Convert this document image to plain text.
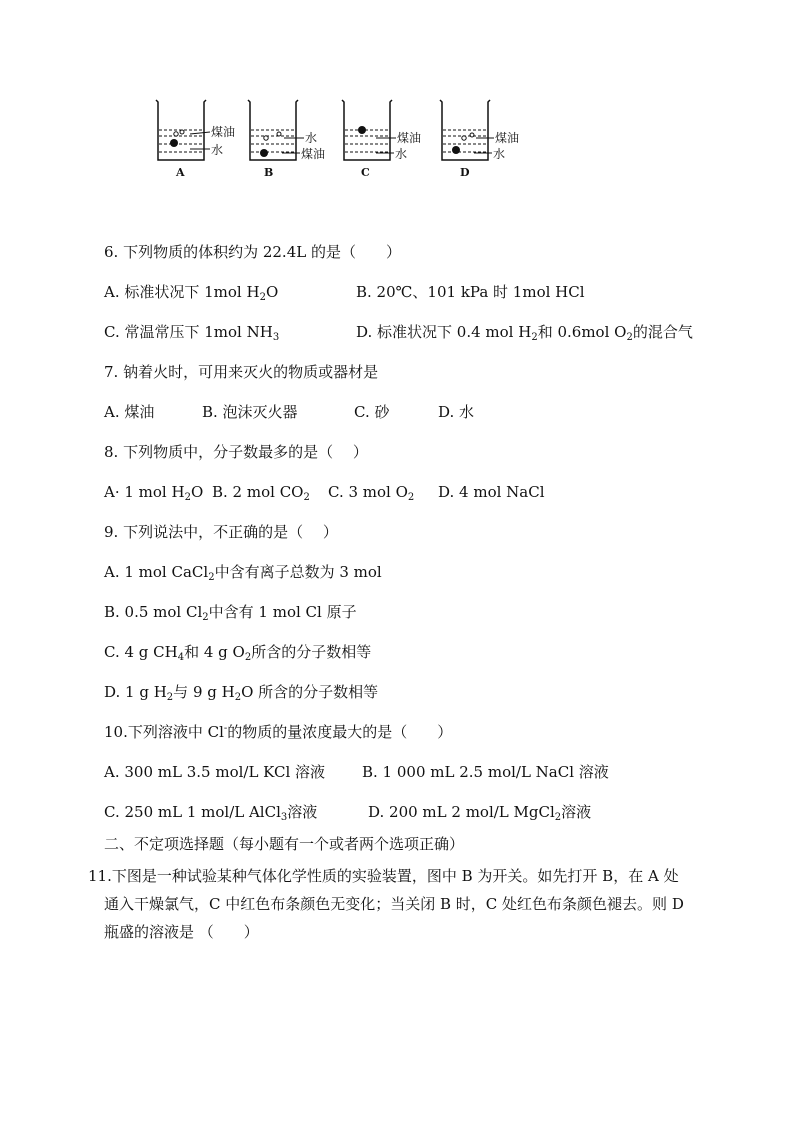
煤油
水
A
水
煤油
B
煤油
水
C
煤油
水
D
6. 下列物质的体积约为 22.4L 的是（　　）
A. 标准状况下 1mol $H_2O$	B. 20℃、101 kPa 时 1mol HCl
C. 常温常压下 1mol $NH_3$	D. 标准状况下 0.4 mol $H_2$和 0.6mol $O_2$的混合气
7. 钠着火时，可用来灭火的物质或器材是
A. 煤油	B. 泡沫灭火器	C. 砂	D. 水
8. 下列物质中，分子数最多的是（　 ）
A· 1 mol $H_2O$ B. 2 mol $CO_2$ C. 3 mol $O_2$ D. 4 mol NaCl
9. 下列说法中，不正确的是（　 ）
A. 1 mol CaCl$_2$中含有离子总数为 3 mol
B. 0.5 mol $Cl_2$中含有 1 mol Cl 原子
C. 4 g $CH_4$和 4 g $O_2$所含的分子数相等
D. 1 g $H_2$与 9 g $H_2O$ 所含的分子数相等
10.下列溶液中 Cl-的物质的量浓度最大的是（　　）
A. 300 mL 3.5 mol/L KCl 溶液 B. 1 000 mL 2.5 mol/L NaCl 溶液
C. 250 mL 1 mol/L AlCl$_3$溶液	D. 200 mL 2 mol/L MgCl$_2$溶液
二、不定项选择题（每小题有一个或者两个选项正确）
11.下图是一种试验某种气体化学性质的实验装置，图中 B 为开关。如先打开 B，在 A 处
通入干燥氯气，C 中红色布条颜色无变化；当关闭 B 时，C 处红色布条颜色褪去。则 D
瓶盛的溶液是 （　　）
